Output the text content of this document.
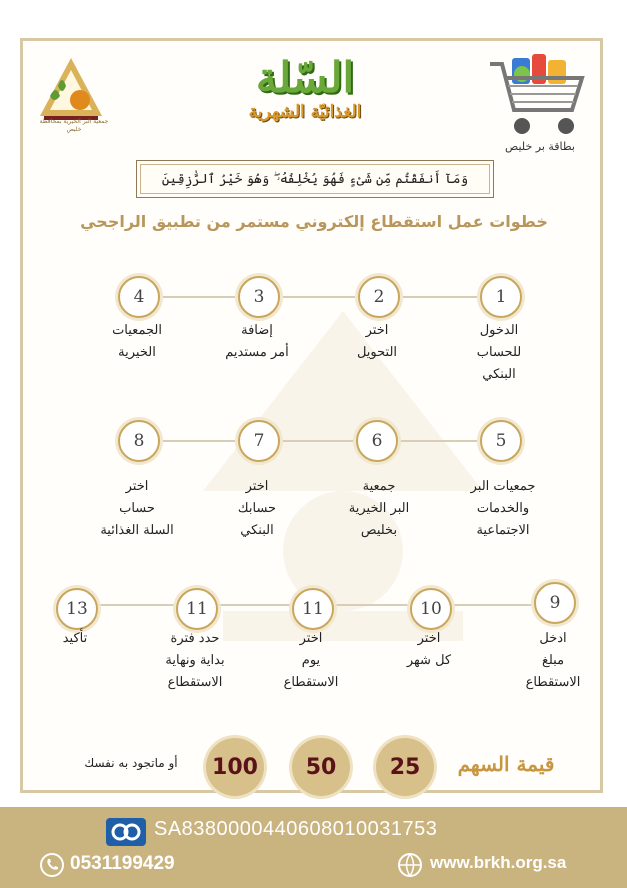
جمعية البر الخيرية بمحافظة خليص
السّلة
الغذائيّة الشهرية
بطاقة بر خليص
وَمَآ أَنفَقْتُم مِّن شَىْءٍ فَهُوَ يُخْلِفُهُۥ ۖ وَهُوَ خَيْرُ ٱلرَّٰزِقِينَ
خطوات عمل استقطاع إلكتروني مستمر من تطبيق الراجحي
قيمة السهم
25
50
100
أو ماتجود به نفسك
SA8380000440608010031753
0531199429	www.brkh.org.sa
1
الدخول
للحساب
البنكي
2
اختر
التحويل
3
إضافة
أمر مستديم
4
الجمعيات
الخيرية
5
جمعيات البر
والخدمات
الاجتماعية
6
جمعية
البر الخيرية
بخليص
7
اختر
حسابك
البنكي
8
اختر
حساب
السلة الغذائية
9
ادخل
مبلغ
الاستقطاع
10
اختر
كل شهر
11
اختر
يوم
الاستقطاع
11
حدد فترة
بداية ونهاية
الاستقطاع
13
تأكيد
